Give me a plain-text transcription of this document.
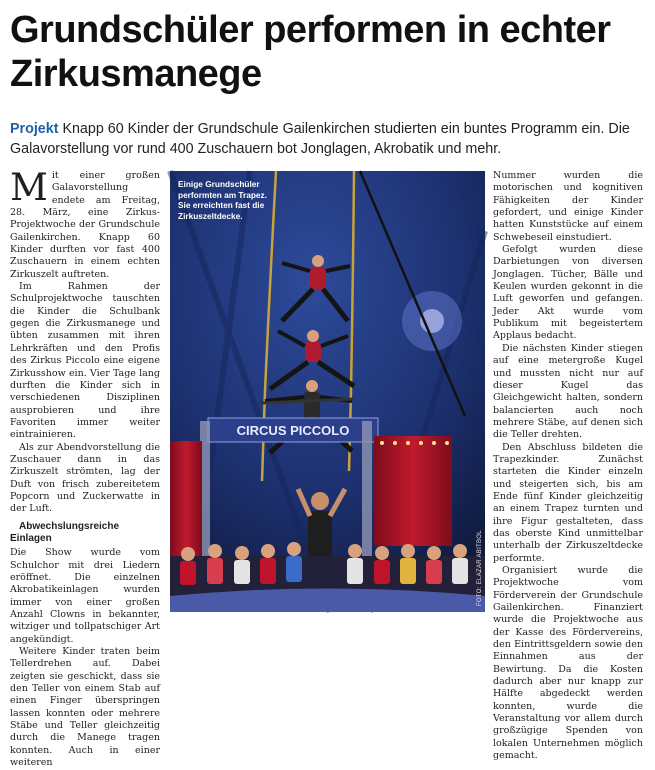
Grundschüler performen in echter Zirkusmanege

Projekt Knapp 60 Kinder der Grundschule Gailenkirchen studierten ein buntes Programm ein. Die Galavorstellung vor rund 400 Zuschauern bot Jonglagen, Akrobatik und mehr.

Mit einer großen Galavorstellung endete am Freitag, 28. März, eine Zirkus-Projektwoche der Grundschule Gailenkirchen. Knapp 60 Kinder durften vor fast 400 Zuschauern in einem echten Zirkuszelt auftreten.

Im Rahmen der Schulprojektwoche tauschten die Kinder die Schulbank gegen die Zirkusmanege und übten zusammen mit ihren Lehrkräften und den Profis des Zirkus Piccolo eine eigene Zirkusshow ein. Vier Tage lang durften die Kinder sich in verschiedenen Disziplinen ausprobieren und ihre Favoriten immer weiter eintrainieren.

Als zur Abendvorstellung die Zuschauer dann in das Zirkuszelt strömten, lag der Duft von frisch zubereitetem Popcorn und Zuckerwatte in der Luft.

Abwechslungsreiche Einlagen

Die Show wurde vom Schulchor mit drei Liedern eröffnet. Die einzelnen Akrobatikeinlagen wurden immer von einer großen Anzahl Clowns in bekannter, witziger und tollpatschiger Art angekündigt.

Weitere Kinder traten beim Tellerdrehen auf. Dabei zeigten sie geschickt, dass sie den Teller von einem Stab auf einen Finger überspringen lassen konnten oder mehrere Stäbe und Teller gleichzeitig durch die Manege tragen konnten. Auch in einer weiteren

CIRCUS PICCOLO
Einige Grundschüler performten am Trapez. Sie erreichten fast die Zirkuszeltdecke.
FOTO: ELAZAR ABITBOL

Nummer wurden die motorischen und kognitiven Fähigkeiten der Kinder gefordert, und einige Kinder hatten Kunststücke auf einem Schwebeseil einstudiert.

Gefolgt wurden diese Darbietungen von diversen Jonglagen. Tücher, Bälle und Keulen wurden gekonnt in die Luft geworfen und gefangen. Jeder Akt wurde vom Publikum mit begeistertem Applaus bedacht.

Die nächsten Kinder stiegen auf eine metergroße Kugel und mussten nicht nur auf dieser Kugel das Gleichgewicht halten, sondern balancierten auch noch mehrere Stäbe, auf denen sich die Teller drehten.

Den Abschluss bildeten die Trapezkinder. Zunächst starteten die Kinder einzeln und steigerten sich, bis am Ende fünf Kinder gleichzeitig an einem Trapez turnten und ihre Figur gestalteten, dass das oberste Kind unmittelbar unterhalb der Zirkuszeltdecke performte.

Organisiert wurde die Projektwoche vom Förderverein der Grundschule Gailenkirchen. Finanziert wurde die Projektwoche aus der Kasse des Fördervereins, den Eintrittsgeldern sowie den Einnahmen aus der Bewirtung. Da die Kosten dadurch aber nur knapp zur Hälfte abgedeckt werden konnten, wurde die Veranstaltung vor allem durch großzügige Spenden von lokalen Unternehmen möglich gemacht.
